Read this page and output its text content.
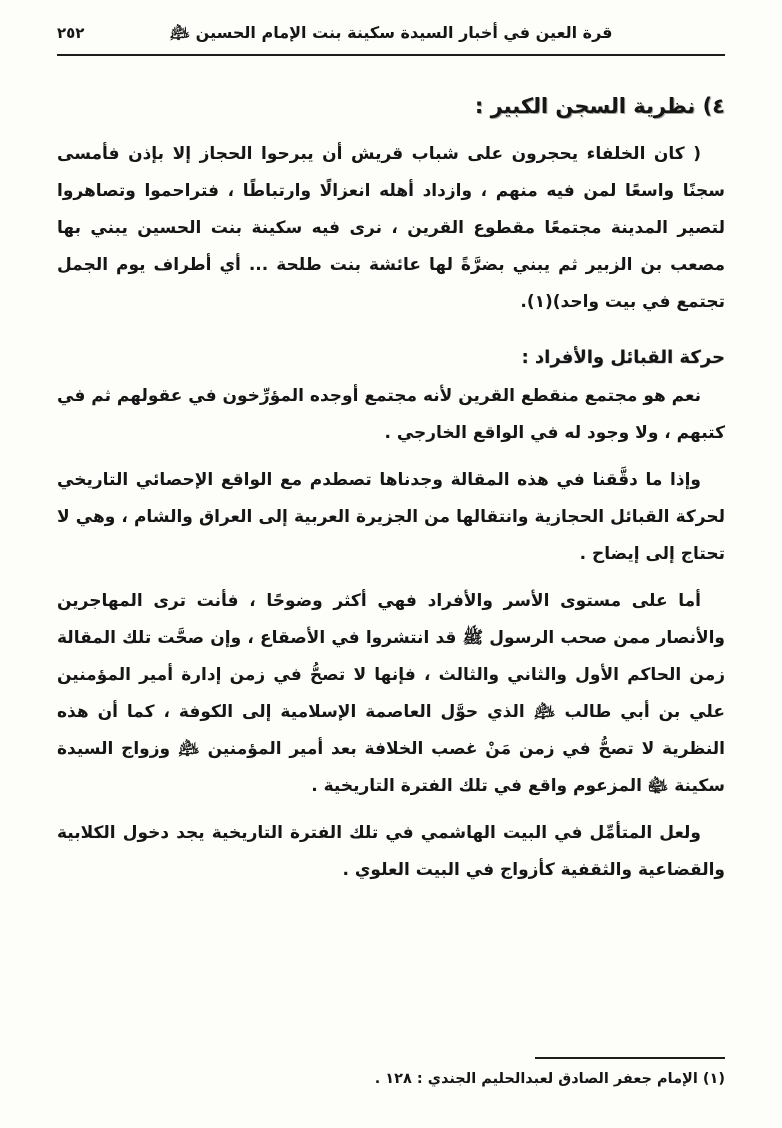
٢٥٢	قرة العين في أخبار السيدة سكينة بنت الإمام الحسين ﵇
٤) نظرية السجن الكبير :

( كان الخلفاء يحجرون على شباب قريش أن يبرحوا الحجاز إلا بإذن فأمسى سجنًا واسعًا لمن فيه منهم ، وازداد أهله انعزالًا وارتباطًا ، فتراحموا وتصاهروا لتصير المدينة مجتمعًا مقطوع القرين ، نرى فيه سكينة بنت الحسين يبني بها مصعب بن الزبير ثم يبني بضرَّةً لها عائشة بنت طلحة ... أي أطراف يوم الجمل تجتمع في بيت واحد)(١).

حركة القبائل والأفراد :

نعم هو مجتمع منقطع القرين لأنه مجتمع أوجده المؤرِّخون في عقولهم ثم في كتبهم ، ولا وجود له في الواقع الخارجي .

وإذا ما دقَّقنا في هذه المقالة وجدناها تصطدم مع الواقع الإحصائي التاريخي لحركة القبائل الحجازية وانتقالها من الجزيرة العربية إلى العراق والشام ، وهي لا تحتاج إلى إيضاح .

أما على مستوى الأسر والأفراد فهي أكثر وضوحًا ، فأنت ترى المهاجرين والأنصار ممن صحب الرسول ﷺ قد انتشروا في الأصقاع ، وإن صحَّت تلك المقالة زمن الحاكم الأول والثاني والثالث ، فإنها لا تصحُّ في زمن إدارة أمير المؤمنين علي بن أبي طالب ﵇ الذي حوَّل العاصمة الإسلامية إلى الكوفة ، كما أن هذه النظرية لا تصحُّ في زمن مَنْ غصب الخلافة بعد أمير المؤمنين ﵇ وزواج السيدة سكينة ﵍ المزعوم واقع في تلك الفترة التاريخية .

ولعل المتأمِّل في البيت الهاشمي في تلك الفترة التاريخية يجد دخول الكلابية والقضاعية والثقفية كأزواج في البيت العلوي .

(١) الإمام جعفر الصادق لعبدالحليم الجندي : ١٢٨ .
